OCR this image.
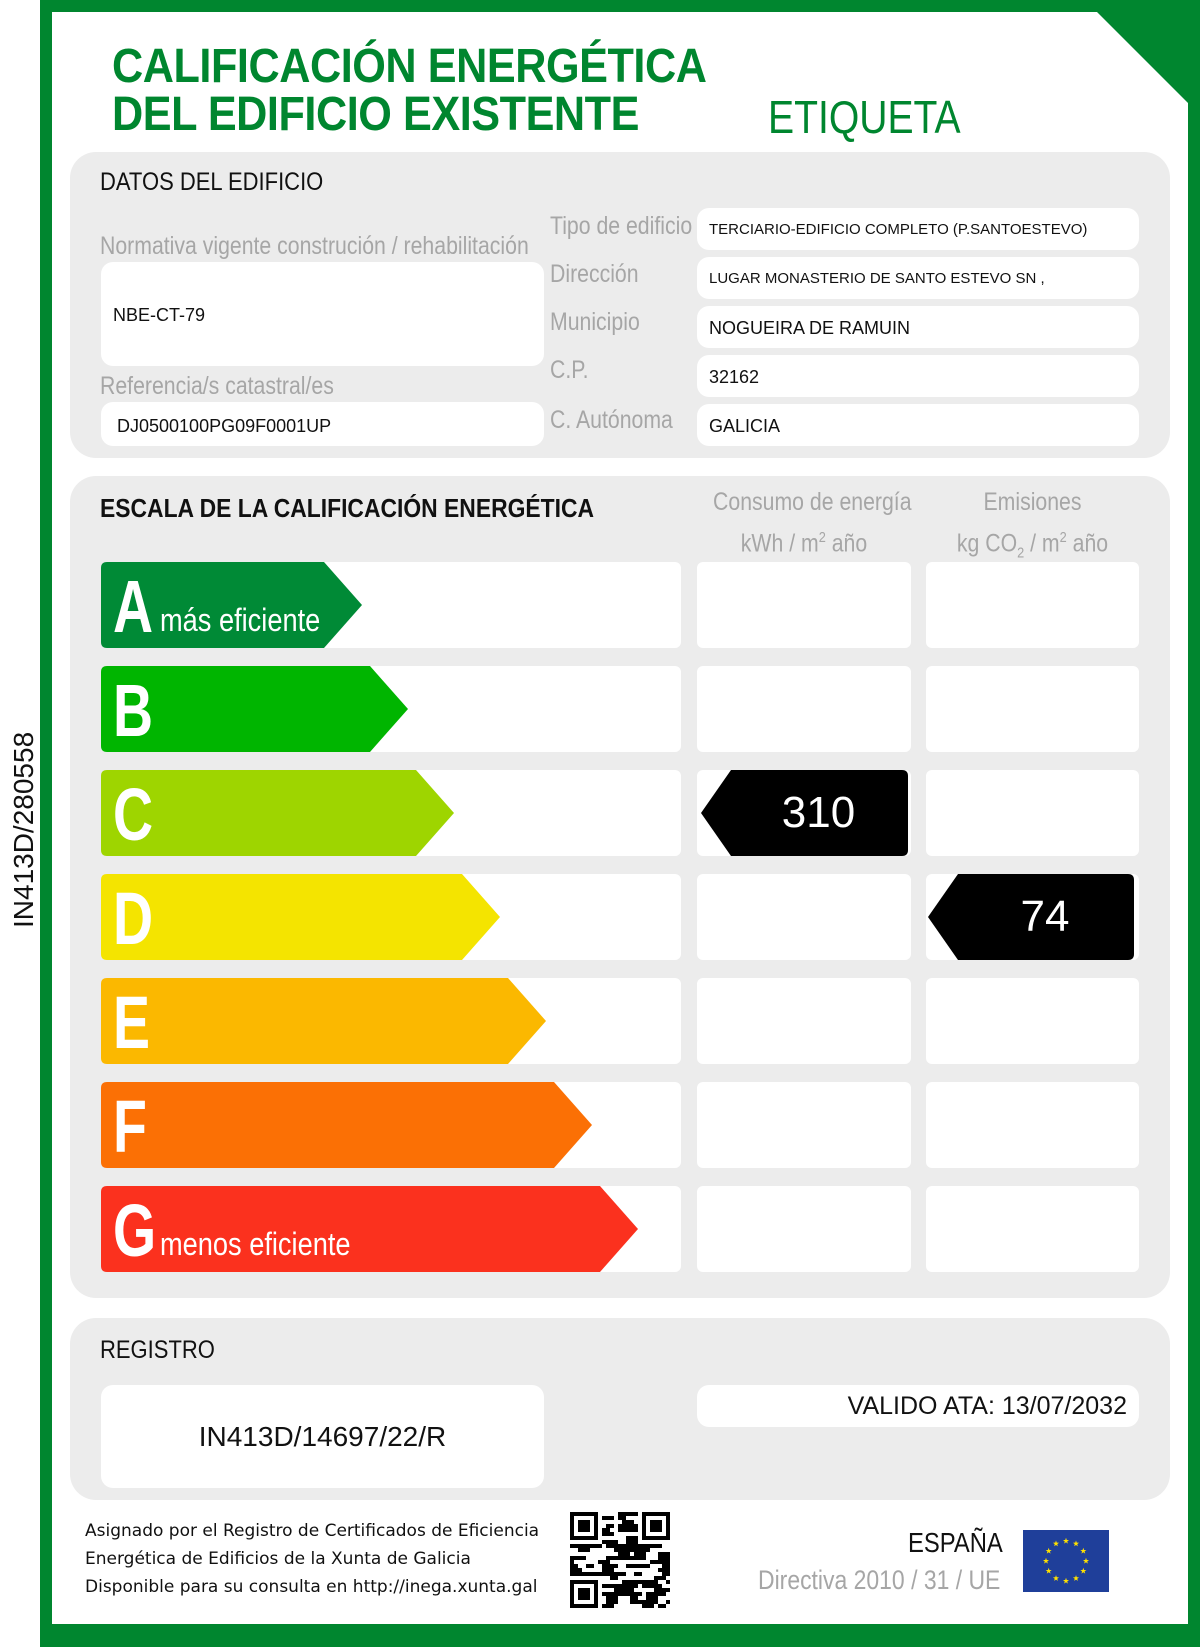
IN413D/280558
CALIFICACIÓN ENERGÉTICA
DEL EDIFICIO EXISTENTE	ETIQUETA
DATOS DEL EDIFICIO
Normativa vigente construción / rehabilitación
NBE-CT-79
Referencia/s catastral/es
DJ0500100PG09F0001UP
Tipo de edificio
Dirección
Municipio
C.P.
C. Autónoma
TERCIARIO-EDIFICIO COMPLETO (P.SANTOESTEVO)
LUGAR MONASTERIO DE SANTO ESTEVO SN ,
NOGUEIRA DE RAMUIN
32162
GALICIA
ESCALA DE LA CALIFICACIÓN ENERGÉTICA	Consumo de energía
kWh / $m^2$ año
Emisiones
kg $CO_2 / m^2$ año
A más eficiente
B
C
D
E
F
G menos eficiente
310
74
REGISTRO
IN413D/14697/22/R
VALIDO ATA: 13/07/2032
Asignado por el Registro de Certificados de Eficiencia
Energética de Edificios de la Xunta de Galicia
Disponible para su consulta en http://inega.xunta.gal
ESPAÑA
Directiva 2010 / 31 / UE
